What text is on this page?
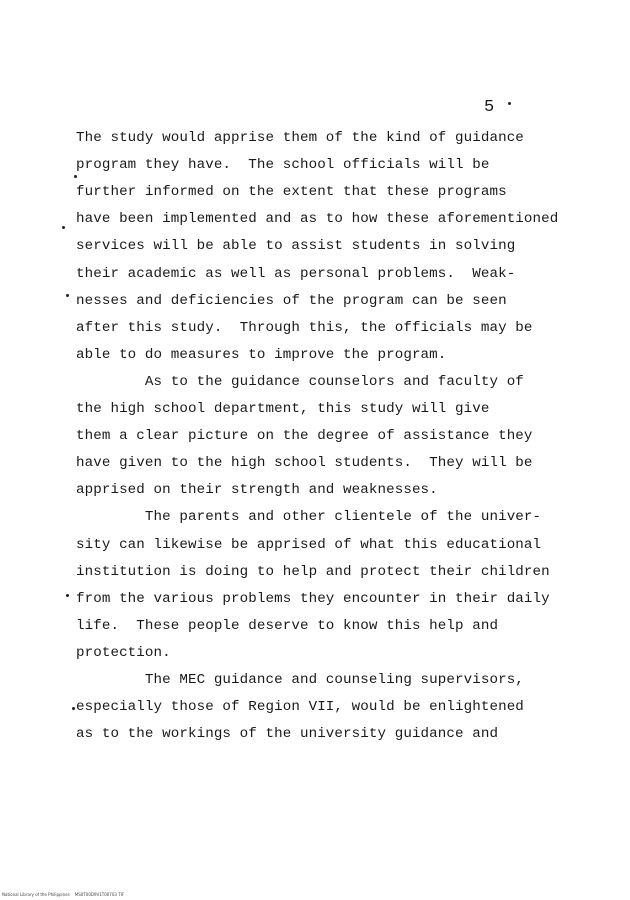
5
The study would apprise them of the kind of guidance
program they have.  The school officials will be
further informed on the extent that these programs
have been implemented and as to how these aforementioned
services will be able to assist students in solving
their academic as well as personal problems.  Weak-
nesses and deficiencies of the program can be seen
after this study.  Through this, the officials may be
able to do measures to improve the program.
As to the guidance counselors and faculty of
the high school department, this study will give
them a clear picture on the degree of assistance they
have given to the high school students.  They will be
apprised on their strength and weaknesses.
The parents and other clientele of the univer-
sity can likewise be apprised of what this educational
institution is doing to help and protect their children
from the various problems they encounter in their daily
life.  These people deserve to know this help and
protection.
The MEC guidance and counseling supervisors,
especially those of Region VII, would be enlightened
as to the workings of the university guidance and
National Library of the Philippines    MS0T00D9V1T00703 TIF
